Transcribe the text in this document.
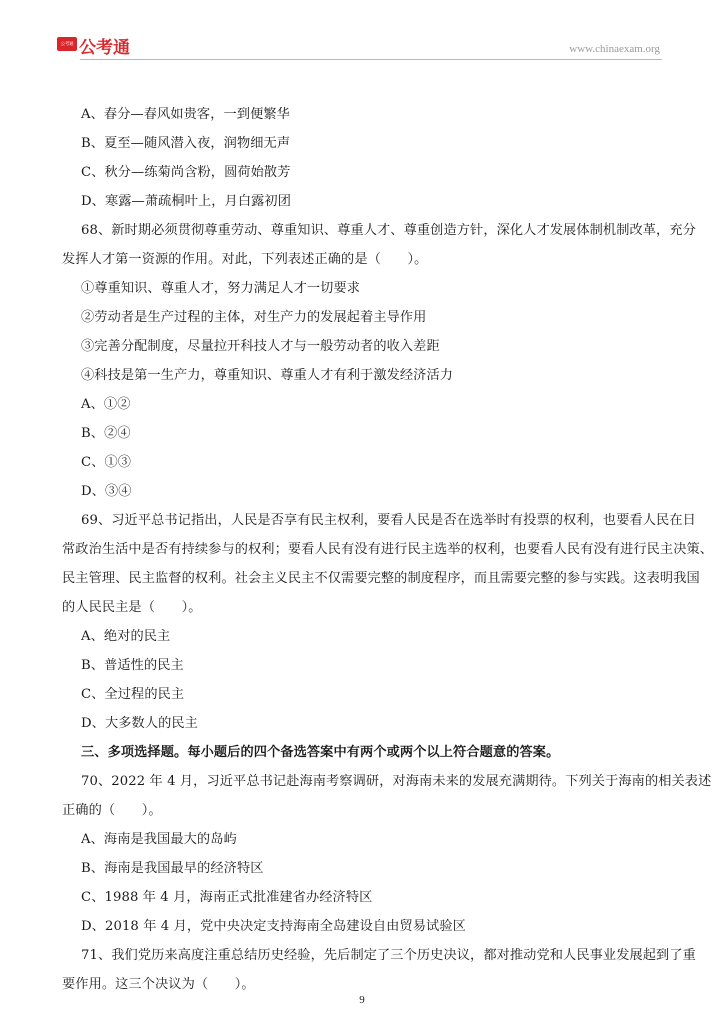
公考通 公考通	www.chinaexam.org
A、春分—春风如贵客，一到便繁华
B、夏至—随风潜入夜，润物细无声
C、秋分—练菊尚含粉，圆荷始散芳
D、寒露—萧疏桐叶上，月白露初团
68、新时期必须贯彻尊重劳动、尊重知识、尊重人才、尊重创造方针，深化人才发展体制机制改革，充分
发挥人才第一资源的作用。对此，下列表述正确的是（　　）。
①尊重知识、尊重人才，努力满足人才一切要求
②劳动者是生产过程的主体，对生产力的发展起着主导作用
③完善分配制度，尽量拉开科技人才与一般劳动者的收入差距
④科技是第一生产力，尊重知识、尊重人才有利于激发经济活力
A、①②
B、②④
C、①③
D、③④
69、习近平总书记指出，人民是否享有民主权利，要看人民是否在选举时有投票的权利，也要看人民在日
常政治生活中是否有持续参与的权利；要看人民有没有进行民主选举的权利，也要看人民有没有进行民主决策、
民主管理、民主监督的权利。社会主义民主不仅需要完整的制度程序，而且需要完整的参与实践。这表明我国
的人民民主是（　　）。
A、绝对的民主
B、普适性的民主
C、全过程的民主
D、大多数人的民主
三、多项选择题。每小题后的四个备选答案中有两个或两个以上符合题意的答案。
70、2022 年 4 月，习近平总书记赴海南考察调研，对海南未来的发展充满期待。下列关于海南的相关表述
正确的（　　）。
A、海南是我国最大的岛屿
B、海南是我国最早的经济特区
C、1988 年 4 月，海南正式批准建省办经济特区
D、2018 年 4 月，党中央决定支持海南全岛建设自由贸易试验区
71、我们党历来高度注重总结历史经验，先后制定了三个历史决议，都对推动党和人民事业发展起到了重
要作用。这三个决议为（　　）。
9
